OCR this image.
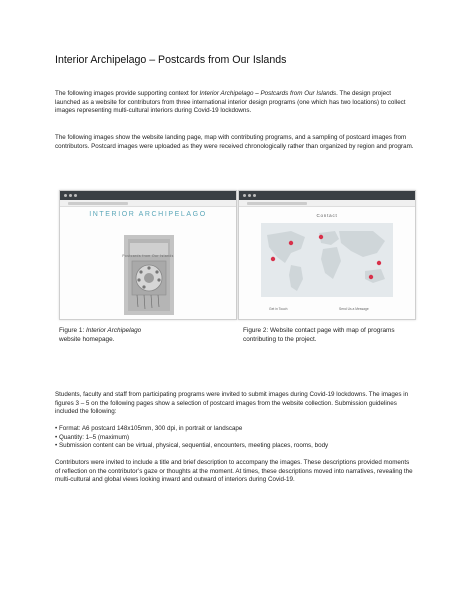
Interior Archipelago – Postcards from Our Islands
The following images provide supporting context for Interior Archipelago – Postcards from Our Islands. The design project launched as a website for contributors from three international interior design programs (one which has two locations) to collect images representing multi-cultural interiors during Covid-19 lockdowns.
The following images show the website landing page, map with contributing programs, and a sampling of postcard images from contributors. Postcard images were uploaded as they were received chronologically rather than organized by region and program.
INTERIOR ARCHIPELAGO
Postcards from Our Islands
Contact
Get in Touch	Send Us a Message
Figure 1: Interior Archipelago
website homepage.
Figure 2: Website contact page with map of programs contributing to the project.
Students, faculty and staff from participating programs were invited to submit images during Covid-19 lockdowns. The images in figures 3 – 5 on the following pages show a selection of postcard images from the website collection. Submission guidelines included the following:
• Format: A6 postcard 148x105mm, 300 dpi, in portrait or landscape
• Quantity: 1–5 (maximum)
• Submission content can be virtual, physical, sequential, encounters, meeting places, rooms, body
Contributors were invited to include a title and brief description to accompany the images. These descriptions provided moments of reflection on the contributor’s gaze or thoughts at the moment. At times, these descriptions moved into narratives, revealing the multi-cultural and global views looking inward and outward of interiors during Covid-19.
